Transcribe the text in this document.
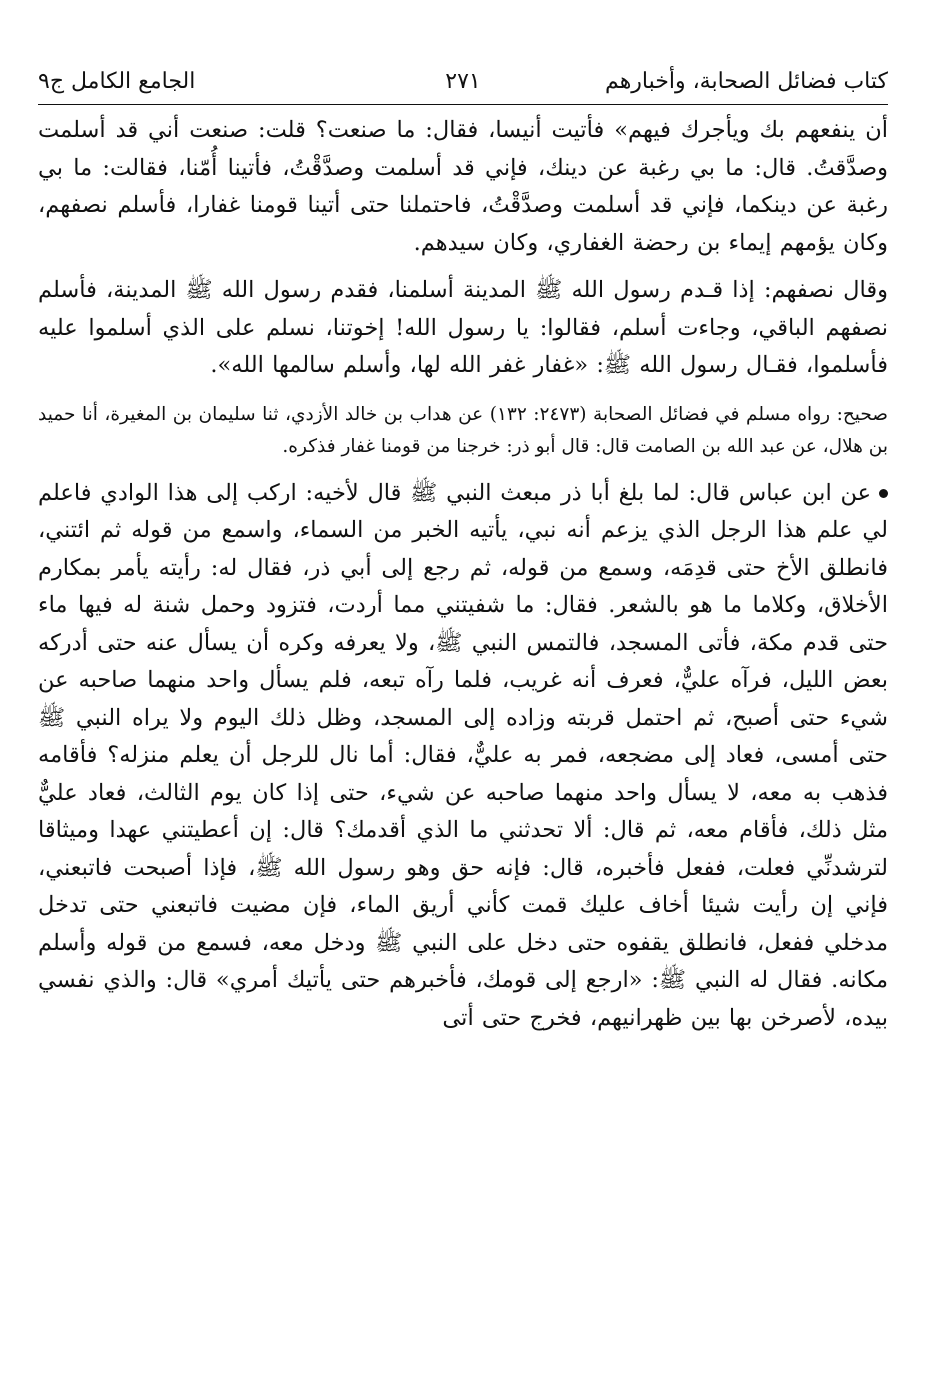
كتاب فضائل الصحابة، وأخبارهم
٢٧١
الجامع الكامل ج٩

أن ينفعهم بك ويأجرك فيهم» فأتيت أنيسا، فقال: ما صنعت؟ قلت: صنعت أني قد أسلمت وصدَّقتُ. قال: ما بي رغبة عن دينك، فإني قد أسلمت وصدَّقْتُ، فأتينا أُمّنا، فقالت: ما بي رغبة عن دينكما، فإني قد أسلمت وصدَّقْتُ، فاحتملنا حتى أتينا قومنا غفارا، فأسلم نصفهم، وكان يؤمهم إيماء بن رحضة الغفاري، وكان سيدهم.

وقال نصفهم: إذا قـدم رسول الله ﷺ المدينة أسلمنا، فقدم رسول الله ﷺ المدينة، فأسلم نصفهم الباقي، وجاءت أسلم، فقالوا: يا رسول الله! إخوتنا، نسلم على الذي أسلموا عليه فأسلموا، فقـال رسول الله ﷺ: «غفار غفر الله لها، وأسلم سالمها الله».

صحيح: رواه مسلم في فضائل الصحابة (٢٤٧٣: ١٣٢) عن هداب بن خالد الأزدي، ثنا سليمان بن المغيرة، أنا حميد بن هلال، عن عبد الله بن الصامت قال: قال أبو ذر: خرجنا من قومنا غفار فذكره.

عن ابن عباس قال: لما بلغ أبا ذر مبعث النبي ﷺ قال لأخيه: اركب إلى هذا الوادي فاعلم لي علم هذا الرجل الذي يزعم أنه نبي، يأتيه الخبر من السماء، واسمع من قوله ثم ائتني، فانطلق الأخ حتى قدِمَه، وسمع من قوله، ثم رجع إلى أبي ذر، فقال له: رأيته يأمر بمكارم الأخلاق، وكلاما ما هو بالشعر. فقال: ما شفيتني مما أردت، فتزود وحمل شنة له فيها ماء حتى قدم مكة، فأتى المسجد، فالتمس النبي ﷺ، ولا يعرفه وكره أن يسأل عنه حتى أدركه بعض الليل، فرآه عليٌّ، فعرف أنه غريب، فلما رآه تبعه، فلم يسأل واحد منهما صاحبه عن شيء حتى أصبح، ثم احتمل قربته وزاده إلى المسجد، وظل ذلك اليوم ولا يراه النبي ﷺ حتى أمسى، فعاد إلى مضجعه، فمر به عليٌّ، فقال: أما نال للرجل أن يعلم منزله؟ فأقامه فذهب به معه، لا يسأل واحد منهما صاحبه عن شيء، حتى إذا كان يوم الثالث، فعاد عليٌّ مثل ذلك، فأقام معه، ثم قال: ألا تحدثني ما الذي أقدمك؟ قال: إن أعطيتني عهدا وميثاقا لترشدنِّي فعلت، ففعل فأخبره، قال: فإنه حق وهو رسول الله ﷺ، فإذا أصبحت فاتبعني، فإني إن رأيت شيئا أخاف عليك قمت كأني أريق الماء، فإن مضيت فاتبعني حتى تدخل مدخلي ففعل، فانطلق يقفوه حتى دخل على النبي ﷺ ودخل معه، فسمع من قوله وأسلم مكانه. فقال له النبي ﷺ: «ارجع إلى قومك، فأخبرهم حتى يأتيك أمري» قال: والذي نفسي بيده، لأصرخن بها بين ظهرانيهم، فخرج حتى أتى
